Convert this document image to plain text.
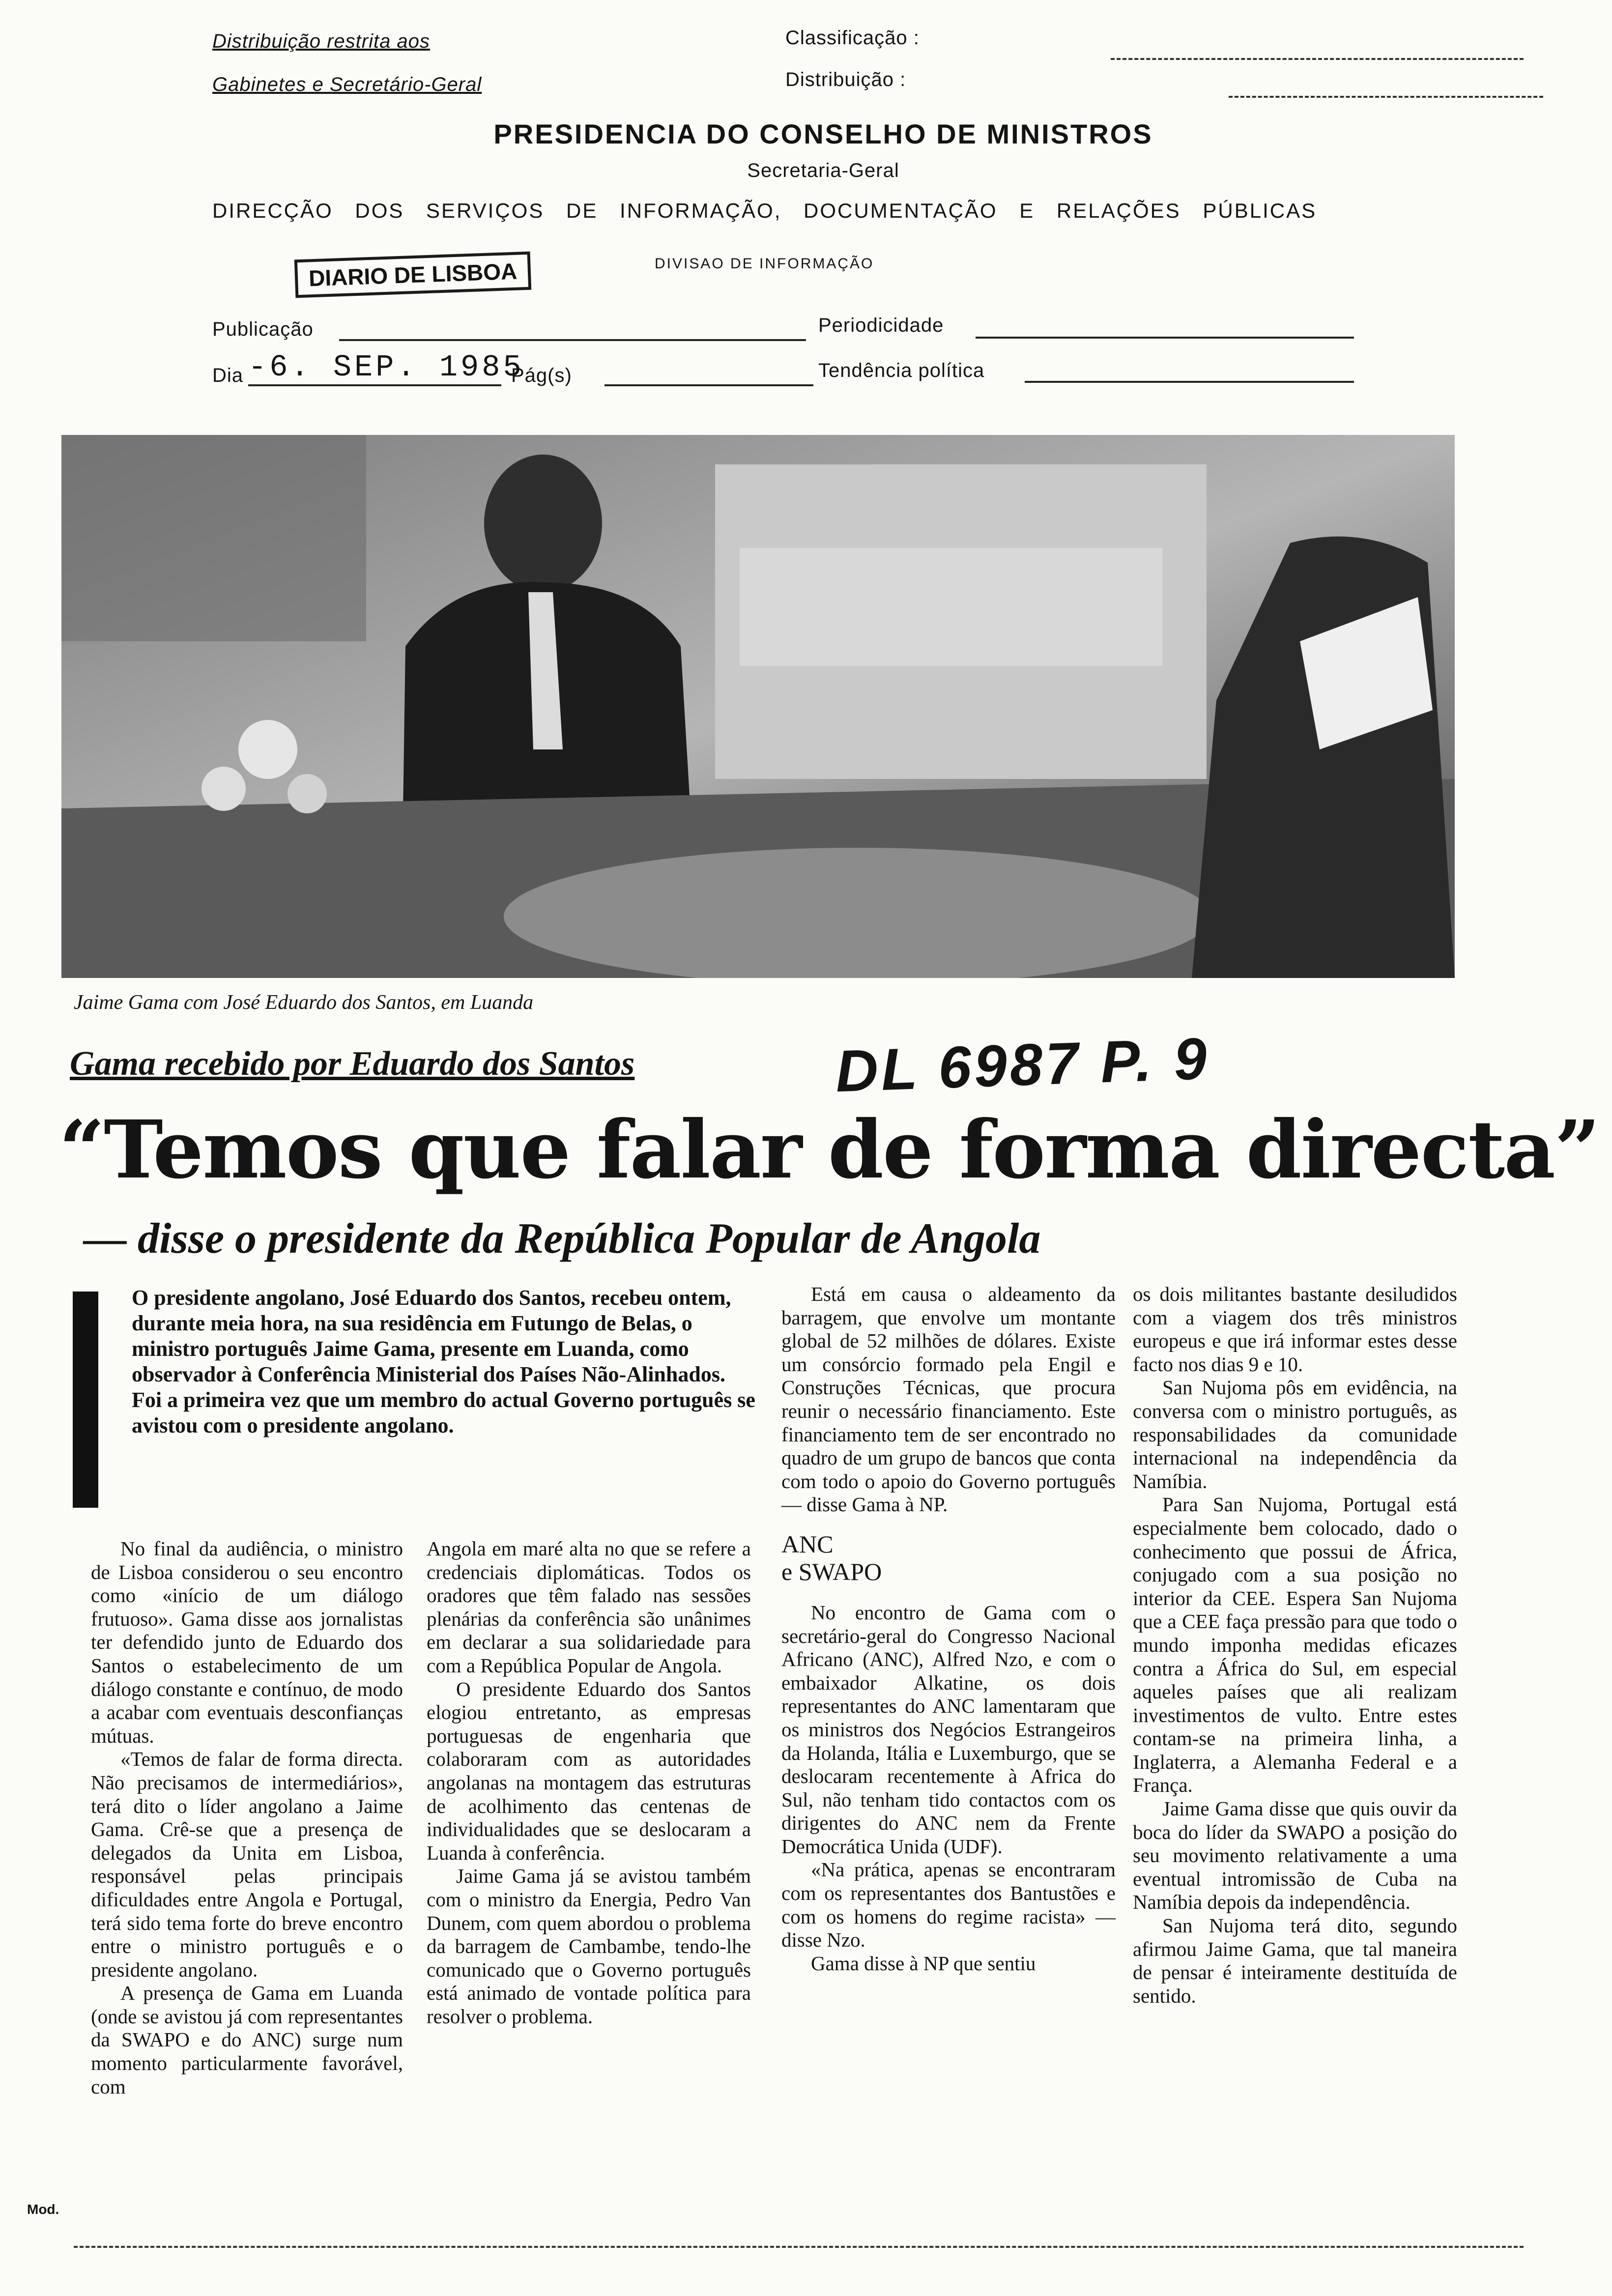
Distribuição restrita aos
Gabinetes e Secretário-Geral
Classificação :
Distribuição :
PRESIDENCIA DO CONSELHO DE MINISTROS
Secretaria-Geral
DIRECÇÃO DOS SERVIÇOS DE INFORMAÇÃO, DOCUMENTAÇÃO E RELAÇÕES PÚBLICAS
DIARIO DE LISBOA	DIVISAO DE INFORMAÇÃO
Publicação	Periodicidade
Dia -6. SEP. 1985
Pág(s)	Tendência política
Jaime Gama com José Eduardo dos Santos, em Luanda
Gama recebido por Eduardo dos Santos	DL 6987 P. 9
“Temos que falar de forma directa”
— disse o presidente da República Popular de Angola
O presidente angolano, José Eduardo dos Santos, recebeu ontem, durante meia hora, na sua residência em Futungo de Belas, o ministro português Jaime Gama, presente em Luanda, como observador à Conferência Ministerial dos Países Não-Alinhados. Foi a primeira vez que um membro do actual Governo português se avistou com o presidente angolano.

No final da audiência, o ministro de Lisboa considerou o seu encontro como «início de um diálogo frutuoso». Gama disse aos jornalistas ter defendido junto de Eduardo dos Santos o estabelecimento de um diálogo constante e contínuo, de modo a acabar com eventuais desconfianças mútuas.

«Temos de falar de forma directa. Não precisamos de intermediários», terá dito o líder angolano a Jaime Gama. Crê-se que a presença de delegados da Unita em Lisboa, responsável pelas principais dificuldades entre Angola e Portugal, terá sido tema forte do breve encontro entre o ministro português e o presidente angolano.

A presença de Gama em Luanda (onde se avistou já com representantes da SWAPO e do ANC) surge num momento particularmente favorável, com

Angola em maré alta no que se refere a credenciais diplomáticas. Todos os oradores que têm falado nas sessões plenárias da conferência são unânimes em declarar a sua solidariedade para com a República Popular de Angola.

O presidente Eduardo dos Santos elogiou entretanto, as empresas portuguesas de engenharia que colaboraram com as autoridades angolanas na montagem das estruturas de acolhimento das centenas de individualidades que se deslocaram a Luanda à conferência.

Jaime Gama já se avistou também com o ministro da Energia, Pedro Van Dunem, com quem abordou o problema da barragem de Cambambe, tendo-lhe comunicado que o Governo português está animado de vontade política para resolver o problema.

Está em causa o aldeamento da barragem, que envolve um montante global de 52 milhões de dólares. Existe um consórcio formado pela Engil e Construções Técnicas, que procura reunir o necessário financiamento. Este financiamento tem de ser encontrado no quadro de um grupo de bancos que conta com todo o apoio do Governo português — disse Gama à NP.

ANC
e SWAPO

No encontro de Gama com o secretário-geral do Congresso Nacional Africano (ANC), Alfred Nzo, e com o embaixador Alkatine, os dois representantes do ANC lamentaram que os ministros dos Negócios Estrangeiros da Holanda, Itália e Luxemburgo, que se deslocaram recentemente à Africa do Sul, não tenham tido contactos com os dirigentes do ANC nem da Frente Democrática Unida (UDF).

«Na prática, apenas se encontraram com os representantes dos Bantustões e com os homens do regime racista» — disse Nzo.

Gama disse à NP que sentiu

os dois militantes bastante desiludidos com a viagem dos três ministros europeus e que irá informar estes desse facto nos dias 9 e 10.

San Nujoma pôs em evidência, na conversa com o ministro português, as responsabilidades da comunidade internacional na independência da Namíbia.

Para San Nujoma, Portugal está especialmente bem colocado, dado o conhecimento que possui de África, conjugado com a sua posição no interior da CEE. Espera San Nujoma que a CEE faça pressão para que todo o mundo imponha medidas eficazes contra a África do Sul, em especial aqueles países que ali realizam investimentos de vulto. Entre estes contam-se na primeira linha, a Inglaterra, a Alemanha Federal e a França.

Jaime Gama disse que quis ouvir da boca do líder da SWAPO a posição do seu movimento relativamente a uma eventual intromissão de Cuba na Namíbia depois da independência.

San Nujoma terá dito, segundo afirmou Jaime Gama, que tal maneira de pensar é inteiramente destituída de sentido.

Mod.
